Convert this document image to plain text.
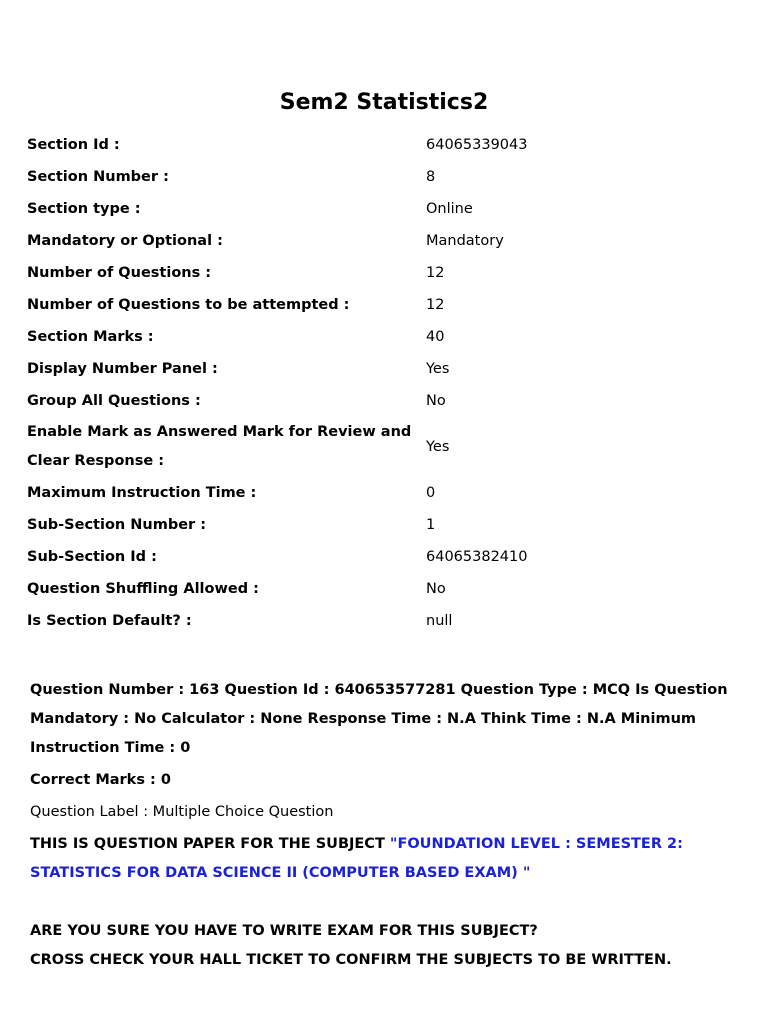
Sem2 Statistics2
Section Id :	64065339043
Section Number :	8
Section type :	Online
Mandatory or Optional :	Mandatory
Number of Questions :	12
Number of Questions to be attempted :	12
Section Marks :	40
Display Number Panel :	Yes
Group All Questions :	No
Enable Mark as Answered Mark for Review and Clear Response :
Yes
Maximum Instruction Time :	0
Sub-Section Number :	1
Sub-Section Id :	64065382410
Question Shuffling Allowed :	No
Is Section Default? :	null
Question Number : 163 Question Id : 640653577281 Question Type : MCQ Is Question Mandatory : No Calculator : None Response Time : N.A Think Time : N.A Minimum Instruction Time : 0
Correct Marks : 0
Question Label : Multiple Choice Question
THIS IS QUESTION PAPER FOR THE SUBJECT "FOUNDATION LEVEL : SEMESTER 2: STATISTICS FOR DATA SCIENCE II (COMPUTER BASED EXAM) "
ARE YOU SURE YOU HAVE TO WRITE EXAM FOR THIS SUBJECT?
CROSS CHECK YOUR HALL TICKET TO CONFIRM THE SUBJECTS TO BE WRITTEN.
